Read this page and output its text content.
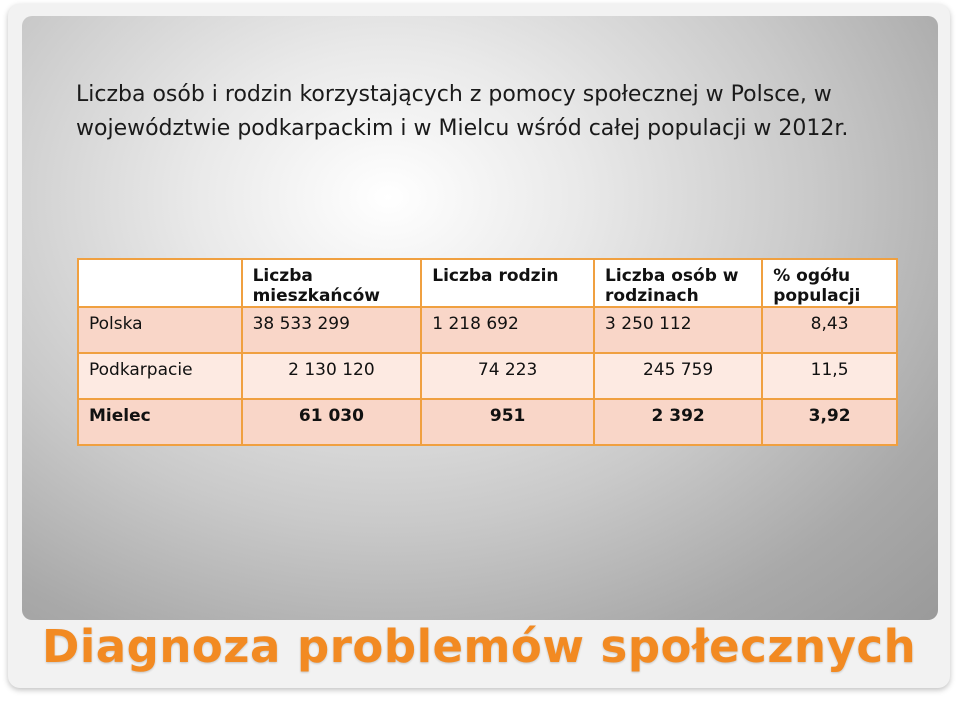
Liczba osób i rodzin korzystających z pomocy społecznej w Polsce, w województwie podkarpackim i w Mielcu wśród całej populacji w 2012r.

	Liczba mieszkańców	Liczba rodzin	Liczba osób w rodzinach	% ogółu populacji
Polska	38 533 299	1 218 692	3 250 112	8,43
Podkarpacie	2 130 120	74 223	245 759	11,5
Mielec	61 030	951	2 392	3,92
Diagnoza problemów społecznych
